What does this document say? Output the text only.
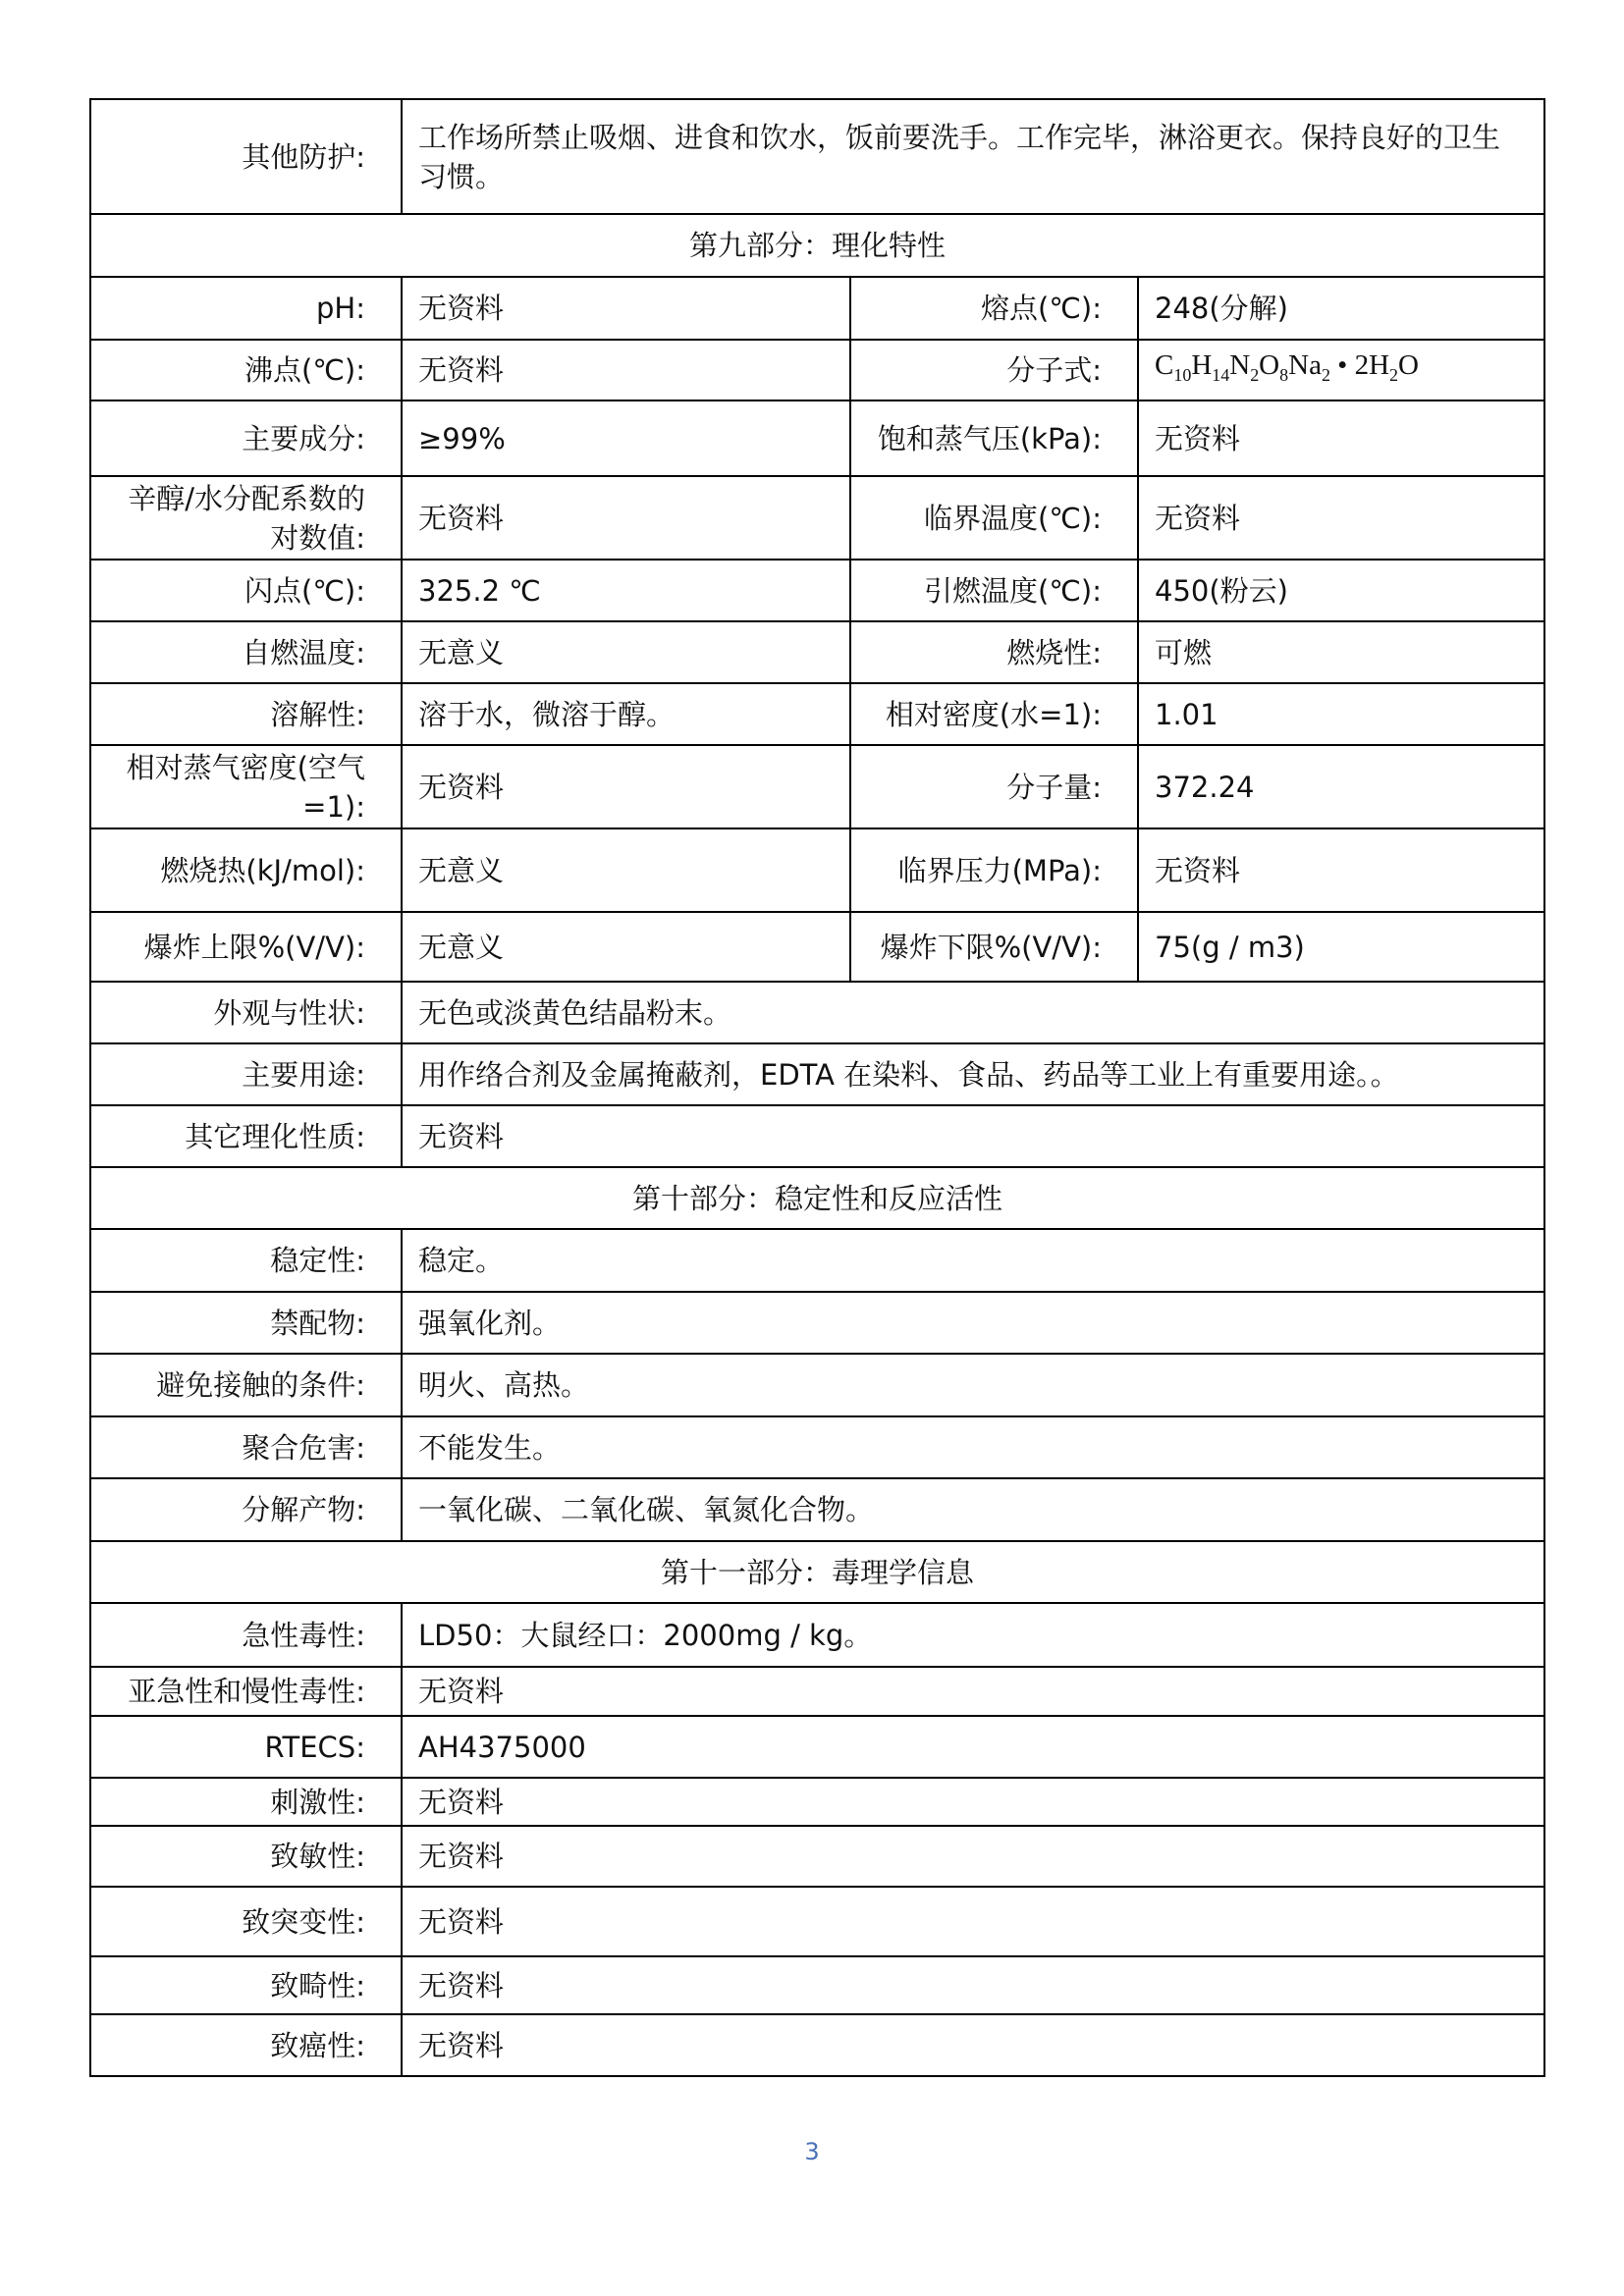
其他防护:	工作场所禁止吸烟、进食和饮水，饭前要洗手。工作完毕，淋浴更衣。保持良好的卫生习惯。		
第九部分：理化特性			
pH:	无资料	熔点(℃):	248(分解)
沸点(℃):	无资料	分子式:	$C_{10}H_{14}N_2O_8Na_2$ • $2H_2O$
主要成分:	≥99%	饱和蒸气压(kPa):	无资料
辛醇/水分配系数的对数值:	无资料	临界温度(℃):	无资料
闪点(℃):	325.2 ℃	引燃温度(℃):	450(粉云)
自燃温度:	无意义	燃烧性:	可燃
溶解性:	溶于水，微溶于醇。	相对密度(水=1):	1.01
相对蒸气密度(空气=1):	无资料	分子量:	372.24
燃烧热(kJ/mol):	无意义	临界压力(MPa):	无资料
爆炸上限%(V/V):	无意义	爆炸下限%(V/V):	75(g / m3)
外观与性状:	无色或淡黄色结晶粉末。		
主要用途:	用作络合剂及金属掩蔽剂，EDTA 在染料、食品、药品等工业上有重要用途。。		
其它理化性质:	无资料		
第十部分：稳定性和反应活性			
稳定性:	稳定。		
禁配物:	强氧化剂。		
避免接触的条件:	明火、高热。		
聚合危害:	不能发生。		
分解产物:	一氧化碳、二氧化碳、氧氮化合物。		
第十一部分：毒理学信息			
急性毒性:	LD50：大鼠经口：2000mg / kg。		
亚急性和慢性毒性:	无资料		
RTECS:	AH4375000		
刺激性:	无资料		
致敏性:	无资料		
致突变性:	无资料		
致畸性:	无资料		
致癌性:	无资料		
3
